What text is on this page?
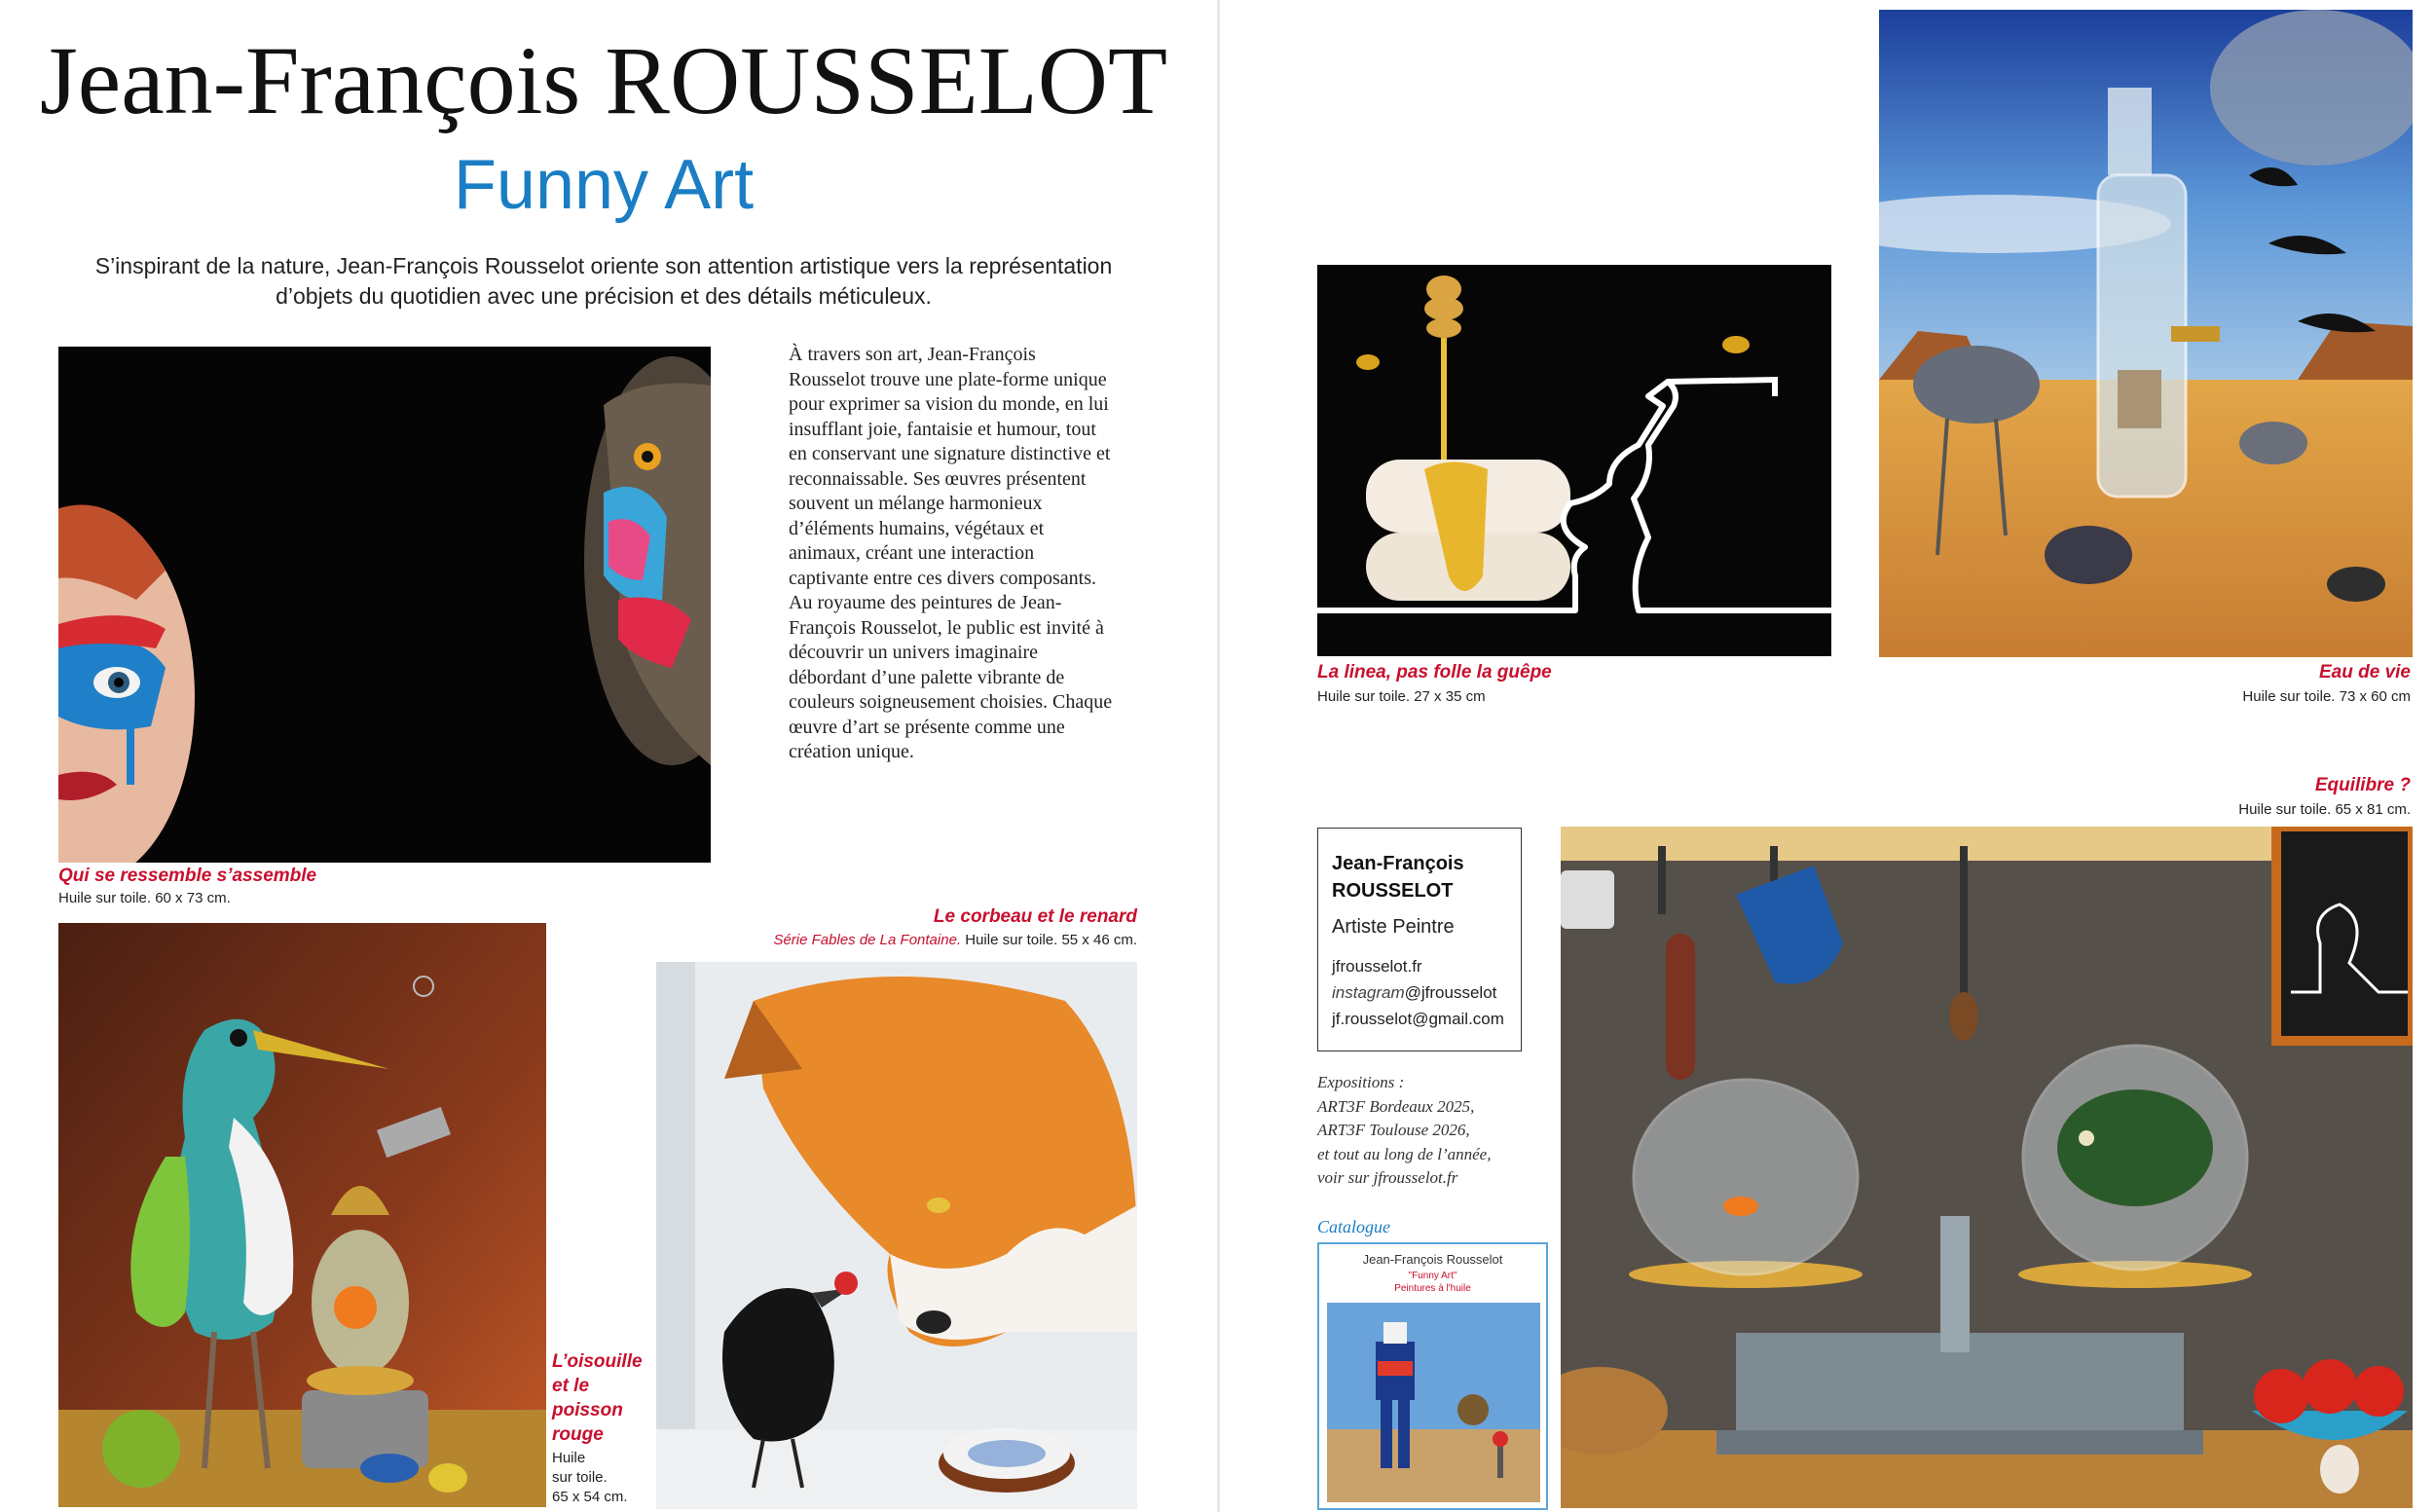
Jean-François ROUSSELOT
Funny Art
S’inspirant de la nature, Jean-François Rousselot oriente son attention artistique vers la représentation d’objets du quotidien avec une précision et des détails méticuleux.

À travers son art, Jean-François Rousselot trouve une plate-forme unique pour exprimer sa vision du monde, en lui insufflant joie, fantaisie et humour, tout en conservant une signature distinctive et reconnaissable. Ses œuvres présentent souvent un mélange harmonieux d’éléments humains, végétaux et animaux, créant une interaction captivante entre ces divers composants.

Au royaume des peintures de Jean-François Rousselot, le public est invité à découvrir un univers imaginaire débordant d’une palette vibrante de couleurs soigneusement choisies. Chaque œuvre d’art se présente comme une création unique.

Qui se ressemble s’assemble
Huile sur toile. 60 x 73 cm.
L’oisouille
et le
poisson
rouge
Huile
sur toile.
65 x 54 cm.
Le corbeau et le renard
Série Fables de La Fontaine. Huile sur toile. 55 x 46 cm.
La linea, pas folle la guêpe
Huile sur toile. 27 x 35 cm
Eau de vie
Huile sur toile. 73 x 60 cm
Equilibre ?
Huile sur toile. 65 x 81 cm.
Jean-François
ROUSSELOT
Artiste Peintre
jfrousselot.fr
instagram@jfrousselot
jf.rousselot@gmail.com
Expositions :
ART3F Bordeaux 2025,
ART3F Toulouse 2026,
et tout au long de l’année,
voir sur jfrousselot.fr
Catalogue
Jean-François Rousselot
"Funny Art"
Peintures à l'huile
